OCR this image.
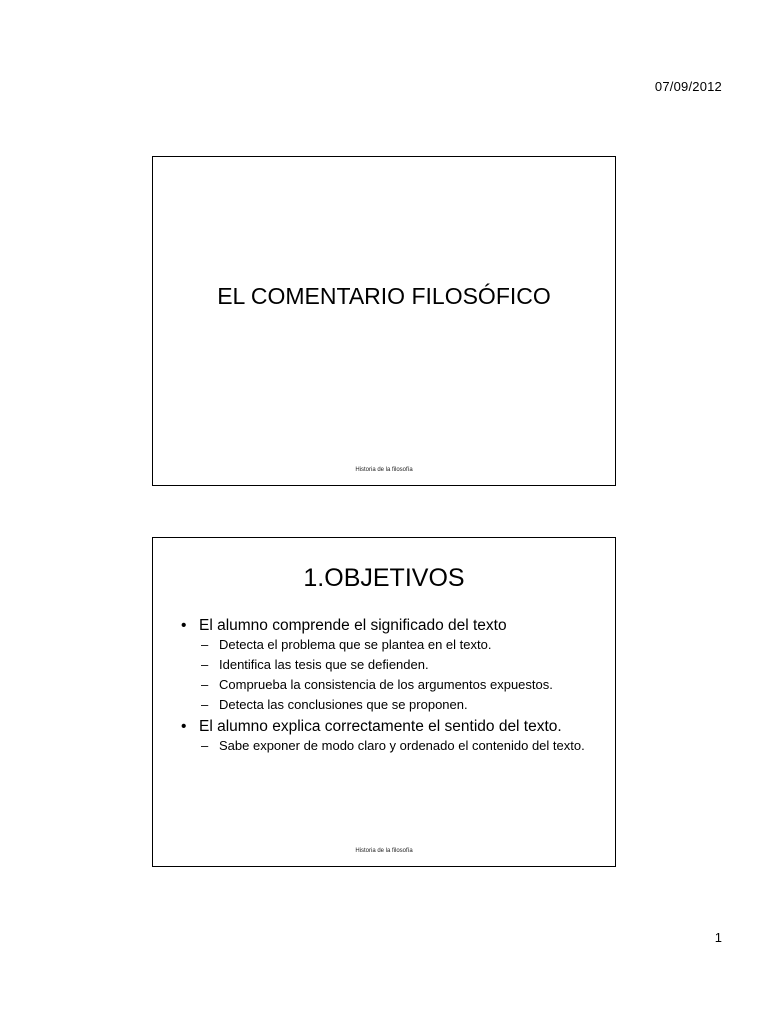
07/09/2012
EL COMENTARIO FILOSÓFICO
Historia de la filosofía
1.OBJETIVOS
• El alumno comprende el significado del texto
– Detecta el problema que se plantea en el texto.
– Identifica las tesis que se defienden.
– Comprueba la consistencia de los argumentos expuestos.
– Detecta las conclusiones que se proponen.
• El alumno explica correctamente el sentido del texto.
– Sabe exponer de modo claro y ordenado el contenido del texto.
Historia de la filosofía
1
